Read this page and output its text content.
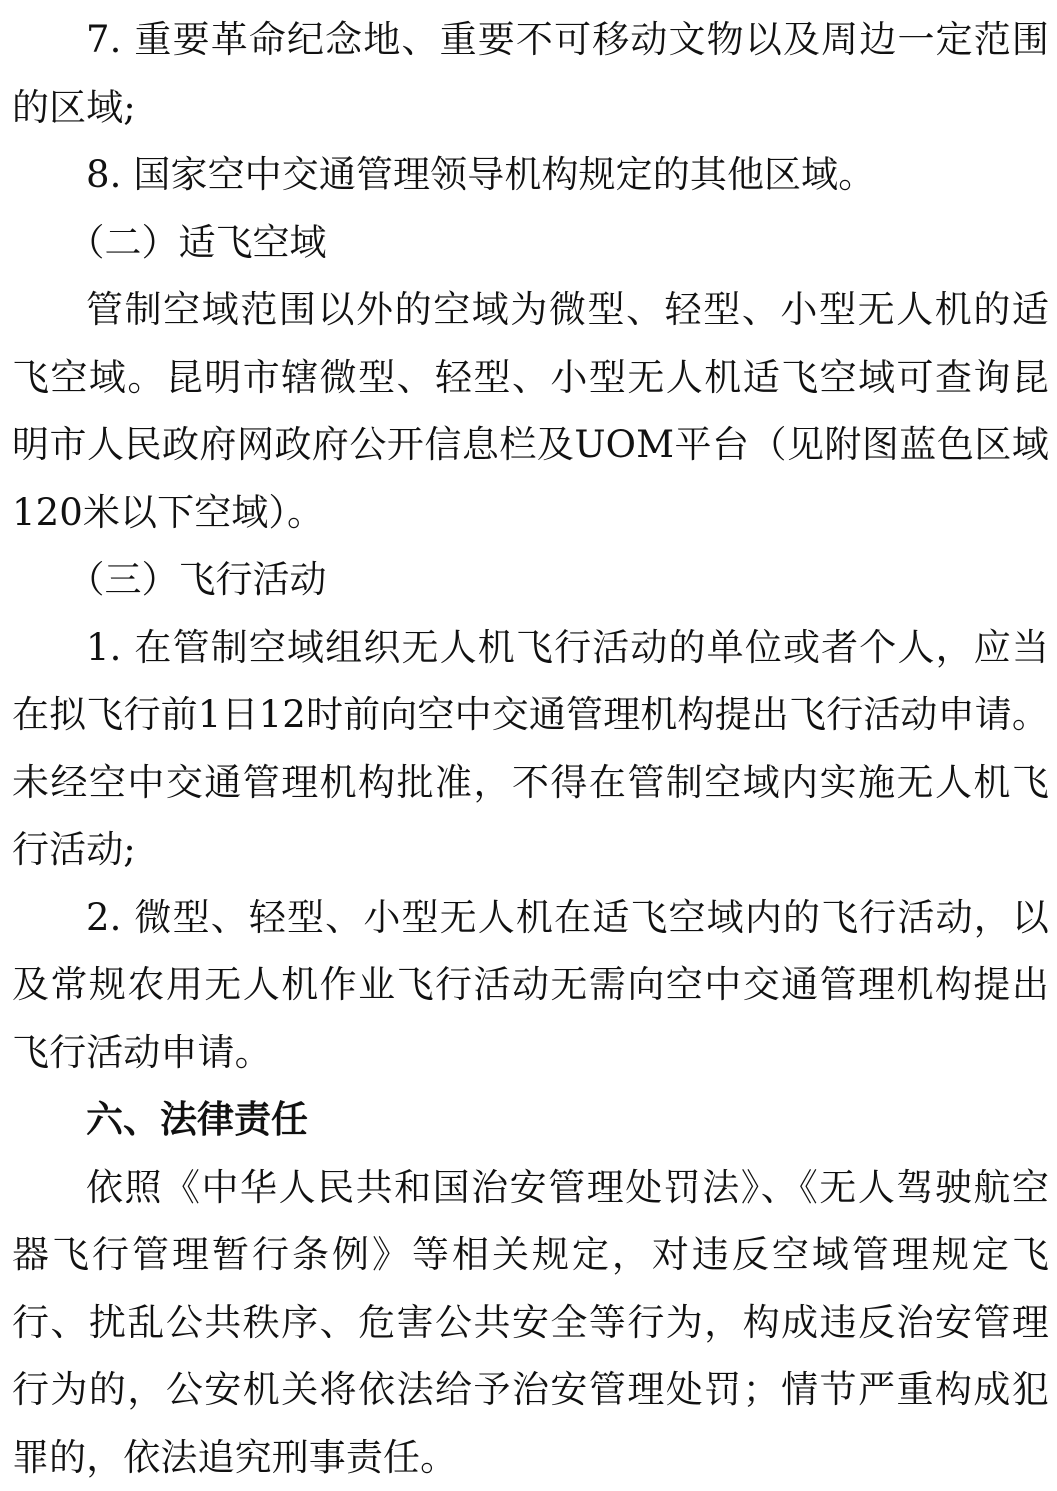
7. 重要革命纪念地、重要不可移动文物以及周边一定范围的区域;

8. 国家空中交通管理领导机构规定的其他区域。

（二）适飞空域

管制空域范围以外的空域为微型、轻型、小型无人机的适飞空域。昆明市辖微型、轻型、小型无人机适飞空域可查询昆明市人民政府网政府公开信息栏及UOM平台（见附图蓝色区域120米以下空域）。

（三）飞行活动

1. 在管制空域组织无人机飞行活动的单位或者个人，应当在拟飞行前1日12时前向空中交通管理机构提出飞行活动申请。未经空中交通管理机构批准，不得在管制空域内实施无人机飞行活动;

2. 微型、轻型、小型无人机在适飞空域内的飞行活动，以及常规农用无人机作业飞行活动无需向空中交通管理机构提出飞行活动申请。

六、法律责任

依照《中华人民共和国治安管理处罚法》、《无人驾驶航空器飞行管理暂行条例》等相关规定，对违反空域管理规定飞行、扰乱公共秩序、危害公共安全等行为，构成违反治安管理行为的，公安机关将依法给予治安管理处罚；情节严重构成犯罪的，依法追究刑事责任。
